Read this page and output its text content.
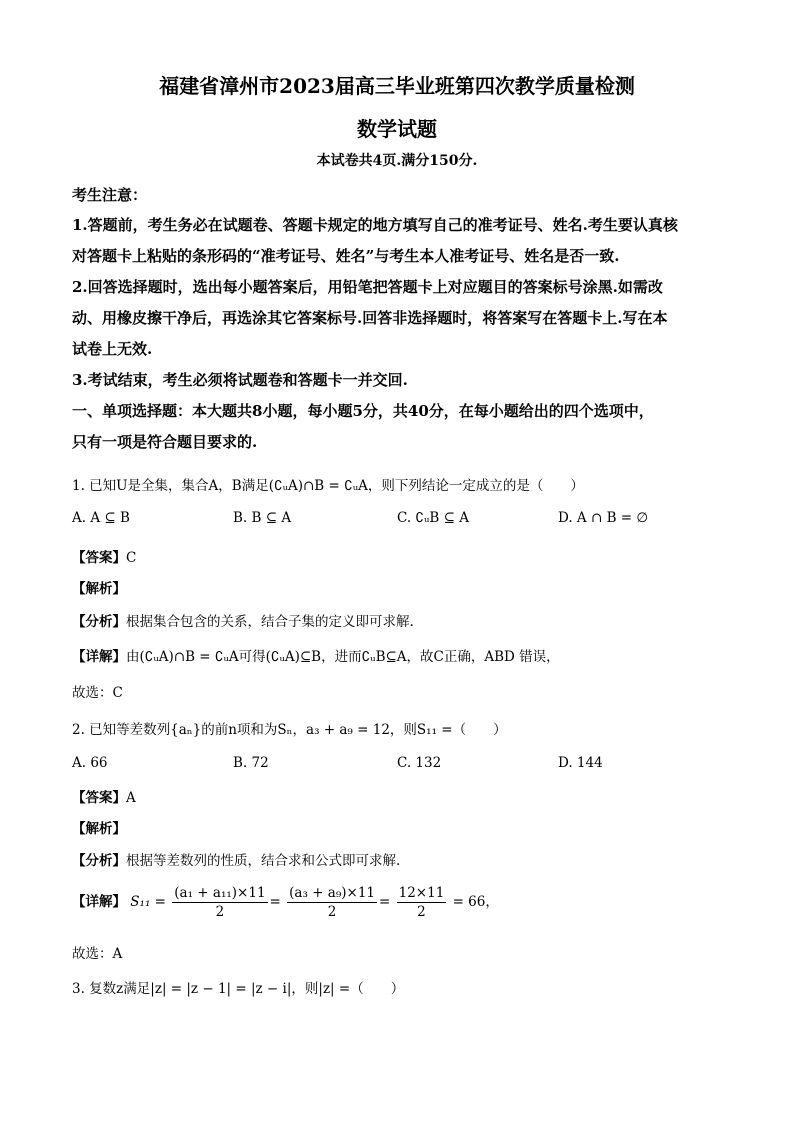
福建省漳州市2023届高三毕业班第四次教学质量检测
数学试题
本试卷共4页.满分150分.
考生注意：
1.答题前，考生务必在试题卷、答题卡规定的地方填写自己的准考证号、姓名.考生要认真核
对答题卡上粘贴的条形码的“准考证号、姓名”与考生本人准考证号、姓名是否一致.
2.回答选择题时，选出每小题答案后，用铅笔把答题卡上对应题目的答案标号涂黑.如需改
动、用橡皮擦干净后，再选涂其它答案标号.回答非选择题时，将答案写在答题卡上.写在本
试卷上无效.
3.考试结束，考生必须将试题卷和答题卡一并交回.
一、单项选择题：本大题共8小题，每小题5分，共40分，在每小题给出的四个选项中，
只有一项是符合题目要求的.
1. 已知U是全集，集合A，B满足(∁ᵤA)∩B = ∁ᵤA，则下列结论一定成立的是（　　）
A. A ⊆ B	B. B ⊆ A	C. ∁ᵤB ⊆ A	D. A ∩ B = ∅
【答案】C
【解析】
【分析】根据集合包含的关系，结合子集的定义即可求解.
【详解】由(∁ᵤA)∩B = ∁ᵤA可得(∁ᵤA)⊆B，进而∁ᵤB⊆A，故C正确，ABD 错误，
故选：C
2. 已知等差数列{aₙ}的前n项和为Sₙ，a₃ + a₉ = 12，则S₁₁ =（　　）
A. 66	B. 72	C. 132	D. 144
【答案】A
【解析】
【分析】根据等差数列的性质，结合求和公式即可求解.
【详解】 $S_{11} = \frac{\text{(a₁ + a₁₁)×11}}{2} = \frac{\text{(a₃ + a₉)×11}}{2} = \frac{12\times 11}{2} = 66$，
故选：A
3. 复数z满足|z| = |z − 1| = |z − i|，则|z| =（　　）
